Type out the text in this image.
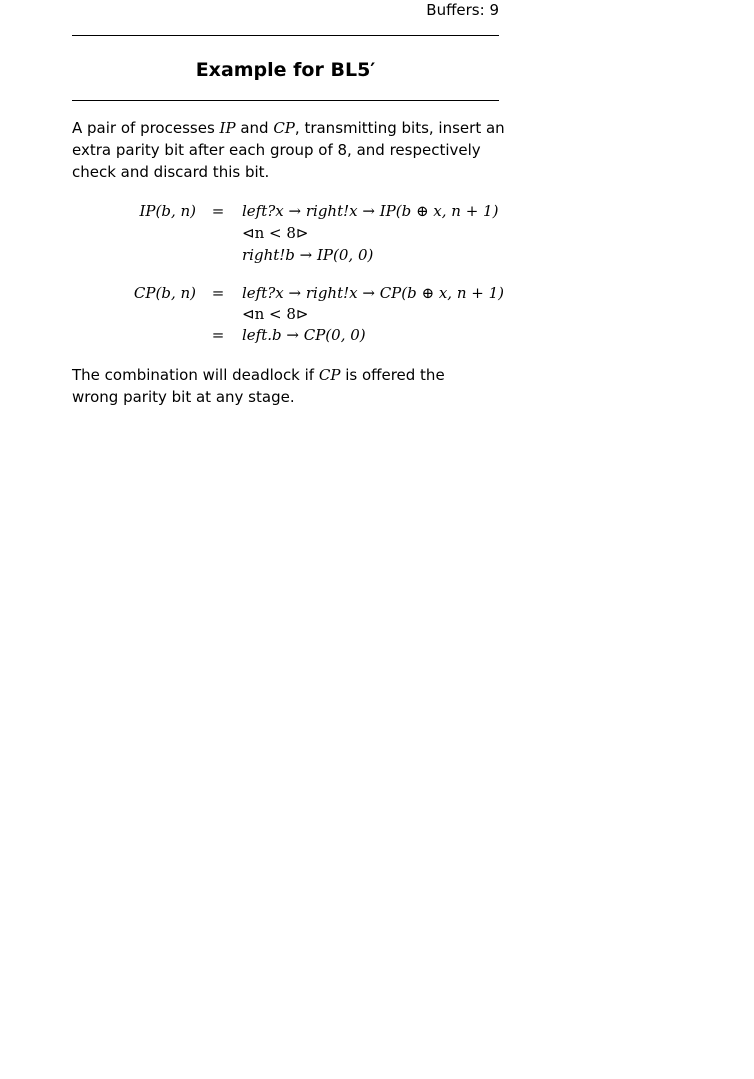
Buffers: 9
Example for BL5′

A pair of processes IP and CP, transmitting bits, insert an extra parity bit after each group of 8, and respectively check and discard this bit.

IP(b, n) = left?x → right!x → IP(b ⊕ x, n + 1)
⊲n < 8⊳
right!b → IP(0, 0)
CP(b, n) = left?x → right!x → CP(b ⊕ x, n + 1)
⊲n < 8⊳
= left.b → CP(0, 0)

The combination will deadlock if CP is offered the wrong parity bit at any stage.
